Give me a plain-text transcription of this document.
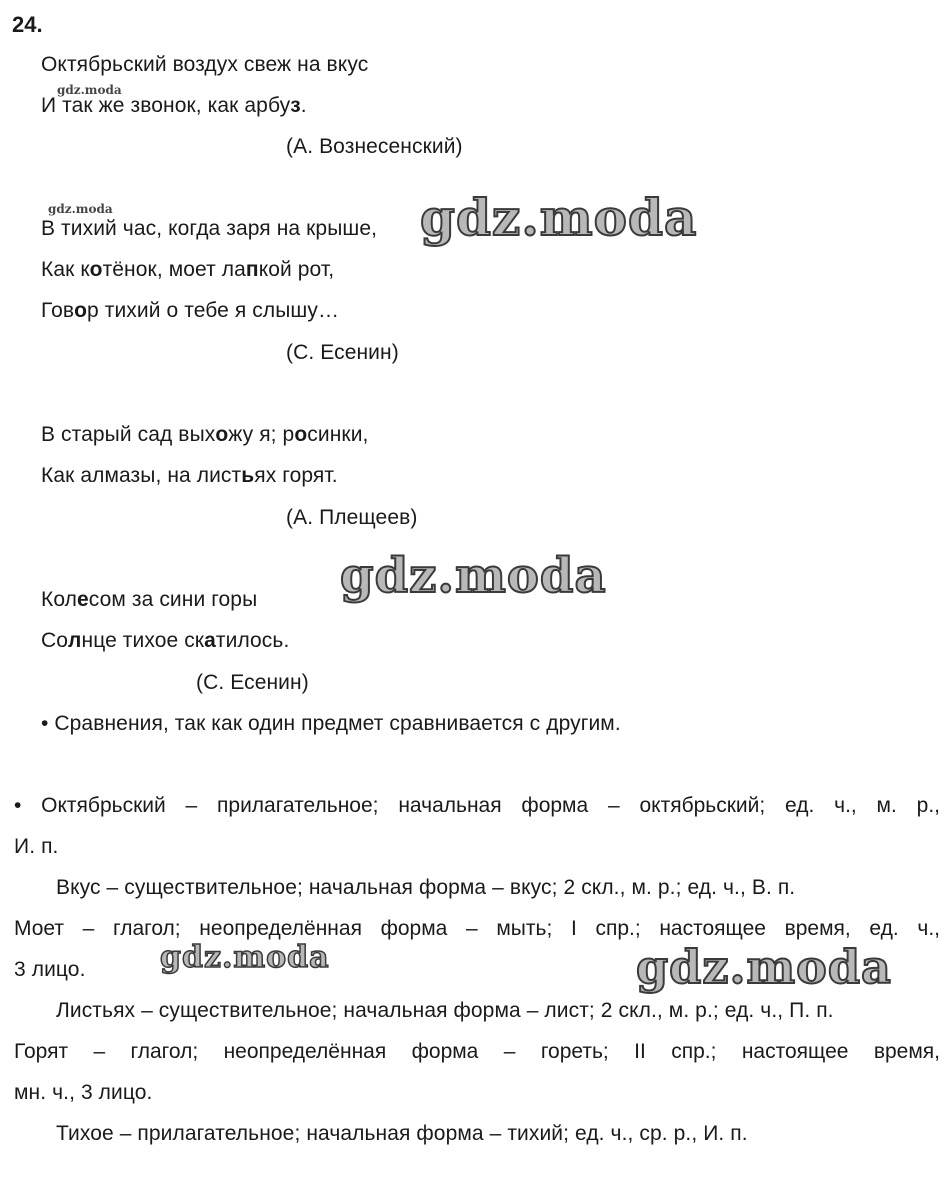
24.
Октябрьский воздух свеж на вкус
И так же звонок, как арбуз.
(А. Вознесенский)
В тихий час, когда заря на крыше,
Как котёнок, моет лапкой рот,
Говор тихий о тебе я слышу…
(С. Есенин)
В старый сад выхожу я; росинки,
Как алмазы, на листьях горят.
(А. Плещеев)
Колесом за сини горы
Солнце тихое скатилось.
(С. Есенин)
• Сравнения, так как один предмет сравнивается с другим.
• Октябрьский – прилагательное; начальная форма – октябрьский; ед. ч., м. р.,
И. п.
Вкус – существительное; начальная форма – вкус; 2 скл., м. р.; ед. ч., В. п.
Моет – глагол; неопределённая форма – мыть; I спр.; настоящее время, ед. ч.,
3 лицо.
Листьях – существительное; начальная форма – лист; 2 скл., м. р.; ед. ч., П. п.
Горят – глагол; неопределённая форма – гореть; II спр.; настоящее время,
мн. ч., 3 лицо.
Тихое – прилагательное; начальная форма – тихий; ед. ч., ср. р., И. п.
gdz.moda
gdz.moda	gdz.moda
gdz.moda
gdz.moda	gdz.moda
